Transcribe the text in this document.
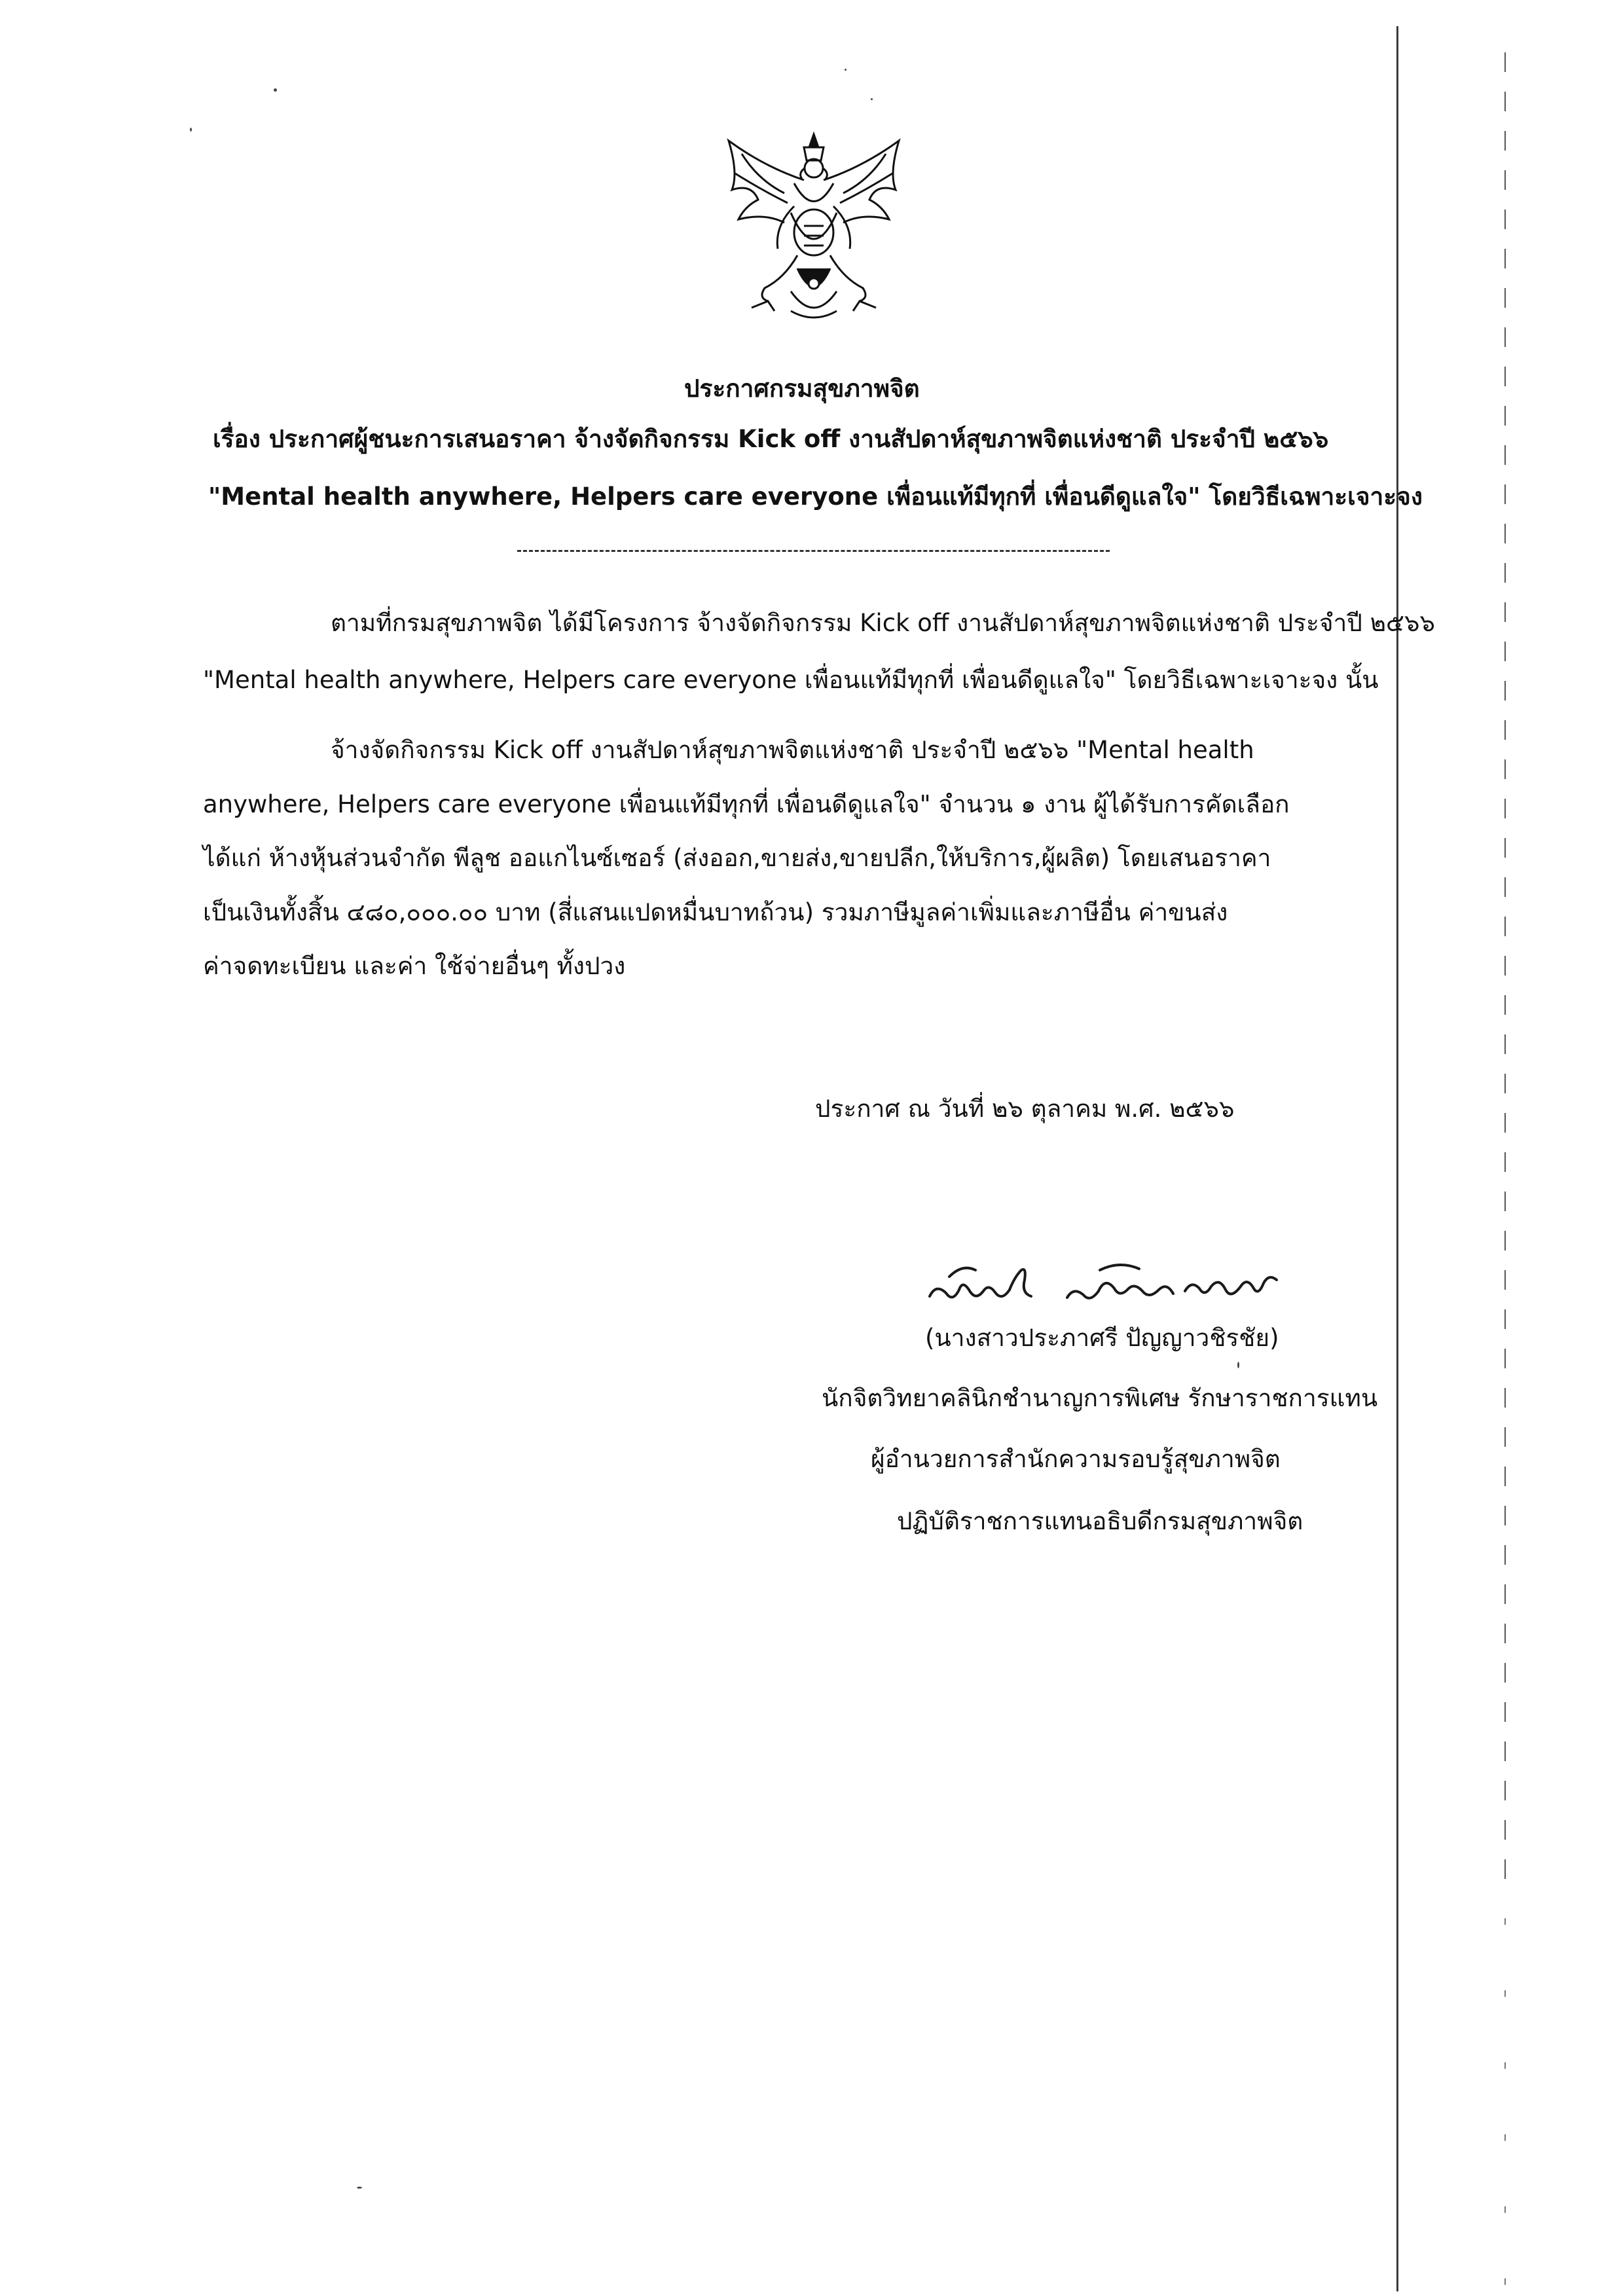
ประกาศกรมสุขภาพจิต
เรื่อง ประกาศผู้ชนะการเสนอราคา จ้างจัดกิจกรรม Kick off งานสัปดาห์สุขภาพจิตแห่งชาติ ประจำปี ๒๕๖๖
"Mental health anywhere, Helpers care everyone เพื่อนแท้มีทุกที่ เพื่อนดีดูแลใจ" โดยวิธีเฉพาะเจาะจง
ตามที่กรมสุขภาพจิต ได้มีโครงการ จ้างจัดกิจกรรม Kick off งานสัปดาห์สุขภาพจิตแห่งชาติ ประจำปี ๒๕๖๖
"Mental health anywhere, Helpers care everyone เพื่อนแท้มีทุกที่ เพื่อนดีดูแลใจ" โดยวิธีเฉพาะเจาะจง นั้น
จ้างจัดกิจกรรม Kick off งานสัปดาห์สุขภาพจิตแห่งชาติ ประจำปี ๒๕๖๖ "Mental health
anywhere, Helpers care everyone เพื่อนแท้มีทุกที่ เพื่อนดีดูแลใจ" จำนวน ๑ งาน ผู้ได้รับการคัดเลือก
ได้แก่ ห้างหุ้นส่วนจำกัด พีลูช ออแกไนซ์เซอร์ (ส่งออก,ขายส่ง,ขายปลีก,ให้บริการ,ผู้ผลิต) โดยเสนอราคา
เป็นเงินทั้งสิ้น ๔๘๐,๐๐๐.๐๐ บาท (สี่แสนแปดหมื่นบาทถ้วน) รวมภาษีมูลค่าเพิ่มและภาษีอื่น ค่าขนส่ง
ค่าจดทะเบียน และค่า ใช้จ่ายอื่นๆ ทั้งปวง
ประกาศ ณ วันที่ ๒๖ ตุลาคม พ.ศ. ๒๕๖๖
(นางสาวประภาศรี ปัญญาวชิรชัย)
นักจิตวิทยาคลินิกชำนาญการพิเศษ รักษาราชการแทน
ผู้อำนวยการสำนักความรอบรู้สุขภาพจิต
ปฏิบัติราชการแทนอธิบดีกรมสุขภาพจิต
